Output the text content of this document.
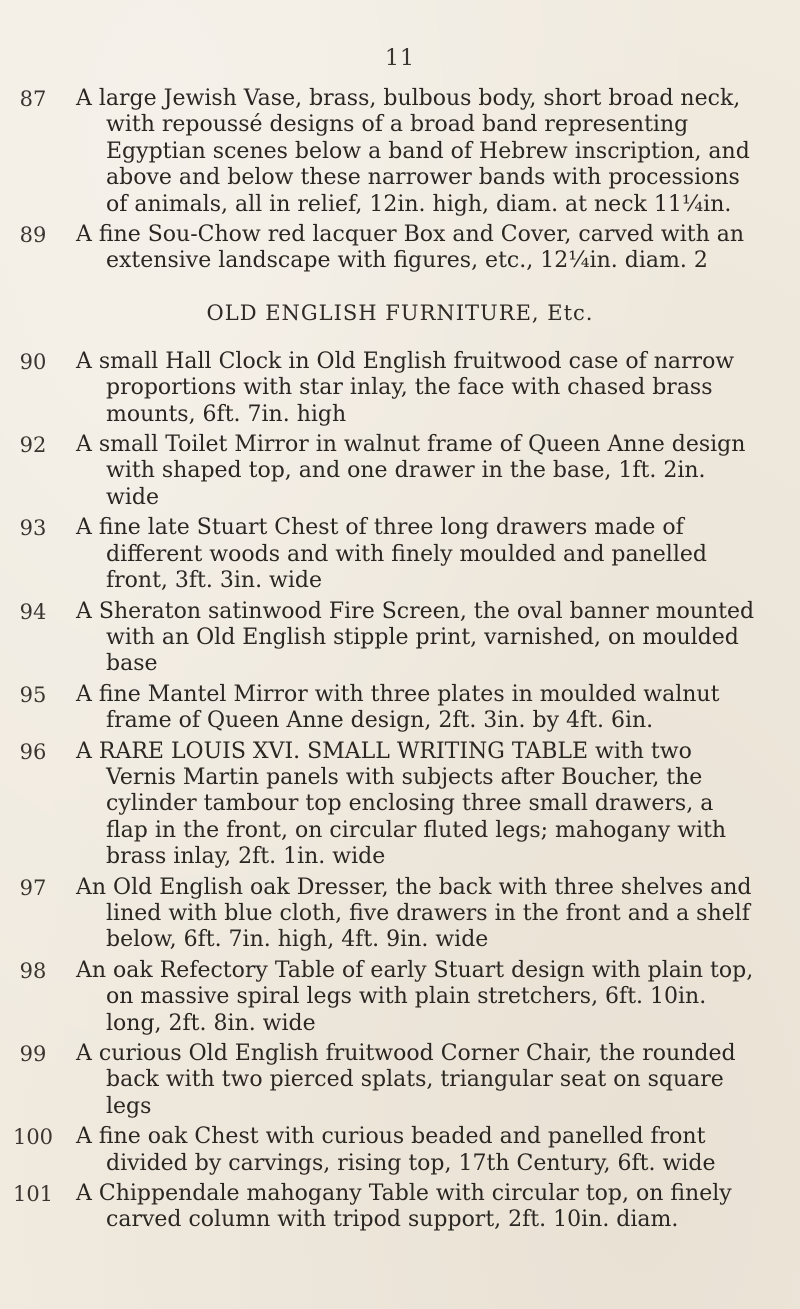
11
87	A large Jewish Vase, brass, bulbous body, short broad neck, with repoussé designs of a broad band representing Egyptian scenes below a band of Hebrew inscription, and above and below these narrower bands with processions of animals, all in relief, 12in. high, diam. at neck 11¼in.
89	A fine Sou-Chow red lacquer Box and Cover, carved with an extensive landscape with figures, etc., 12¼in. diam. 2
OLD ENGLISH FURNITURE, Etc.
90	A small Hall Clock in Old English fruitwood case of narrow proportions with star inlay, the face with chased brass mounts, 6ft. 7in. high
92	A small Toilet Mirror in walnut frame of Queen Anne design with shaped top, and one drawer in the base, 1ft. 2in. wide
93	A fine late Stuart Chest of three long drawers made of different woods and with finely moulded and panelled front, 3ft. 3in. wide
94	A Sheraton satinwood Fire Screen, the oval banner mounted with an Old English stipple print, varnished, on moulded base
95	A fine Mantel Mirror with three plates in moulded walnut frame of Queen Anne design, 2ft. 3in. by 4ft. 6in.
96	A RARE LOUIS XVI. SMALL WRITING TABLE with two Vernis Martin panels with subjects after Boucher, the cylinder tambour top enclosing three small drawers, a flap in the front, on circular fluted legs; mahogany with brass inlay, 2ft. 1in. wide
97	An Old English oak Dresser, the back with three shelves and lined with blue cloth, five drawers in the front and a shelf below, 6ft. 7in. high, 4ft. 9in. wide
98	An oak Refectory Table of early Stuart design with plain top, on massive spiral legs with plain stretchers, 6ft. 10in. long, 2ft. 8in. wide
99	A curious Old English fruitwood Corner Chair, the rounded back with two pierced splats, triangular seat on square legs
100	A fine oak Chest with curious beaded and panelled front divided by carvings, rising top, 17th Century, 6ft. wide
101	A Chippendale mahogany Table with circular top, on finely carved column with tripod support, 2ft. 10in. diam.
